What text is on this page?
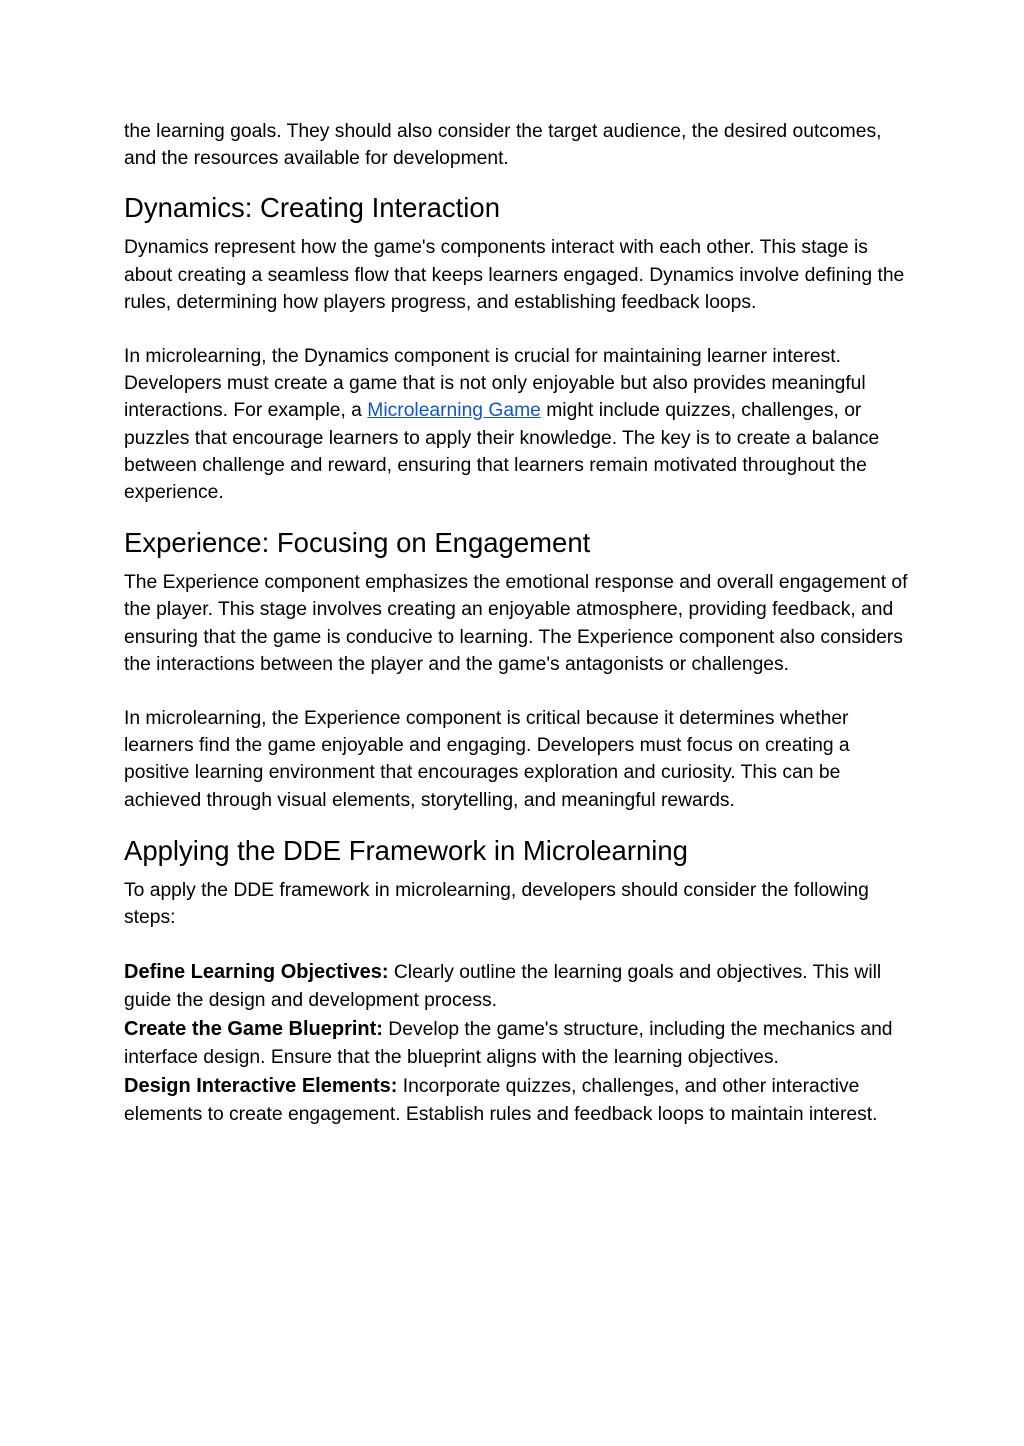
the learning goals. They should also consider the target audience, the desired outcomes, and the resources available for development.

Dynamics: Creating Interaction

Dynamics represent how the game's components interact with each other. This stage is about creating a seamless flow that keeps learners engaged. Dynamics involve defining the rules, determining how players progress, and establishing feedback loops.

In microlearning, the Dynamics component is crucial for maintaining learner interest. Developers must create a game that is not only enjoyable but also provides meaningful interactions. For example, a Microlearning Game might include quizzes, challenges, or puzzles that encourage learners to apply their knowledge. The key is to create a balance between challenge and reward, ensuring that learners remain motivated throughout the experience.

Experience: Focusing on Engagement

The Experience component emphasizes the emotional response and overall engagement of the player. This stage involves creating an enjoyable atmosphere, providing feedback, and ensuring that the game is conducive to learning. The Experience component also considers the interactions between the player and the game's antagonists or challenges.

In microlearning, the Experience component is critical because it determines whether learners find the game enjoyable and engaging. Developers must focus on creating a positive learning environment that encourages exploration and curiosity. This can be achieved through visual elements, storytelling, and meaningful rewards.

Applying the DDE Framework in Microlearning

To apply the DDE framework in microlearning, developers should consider the following steps:

Define Learning Objectives: Clearly outline the learning goals and objectives. This will guide the design and development process.

Create the Game Blueprint: Develop the game's structure, including the mechanics and interface design. Ensure that the blueprint aligns with the learning objectives.

Design Interactive Elements: Incorporate quizzes, challenges, and other interactive elements to create engagement. Establish rules and feedback loops to maintain interest.
